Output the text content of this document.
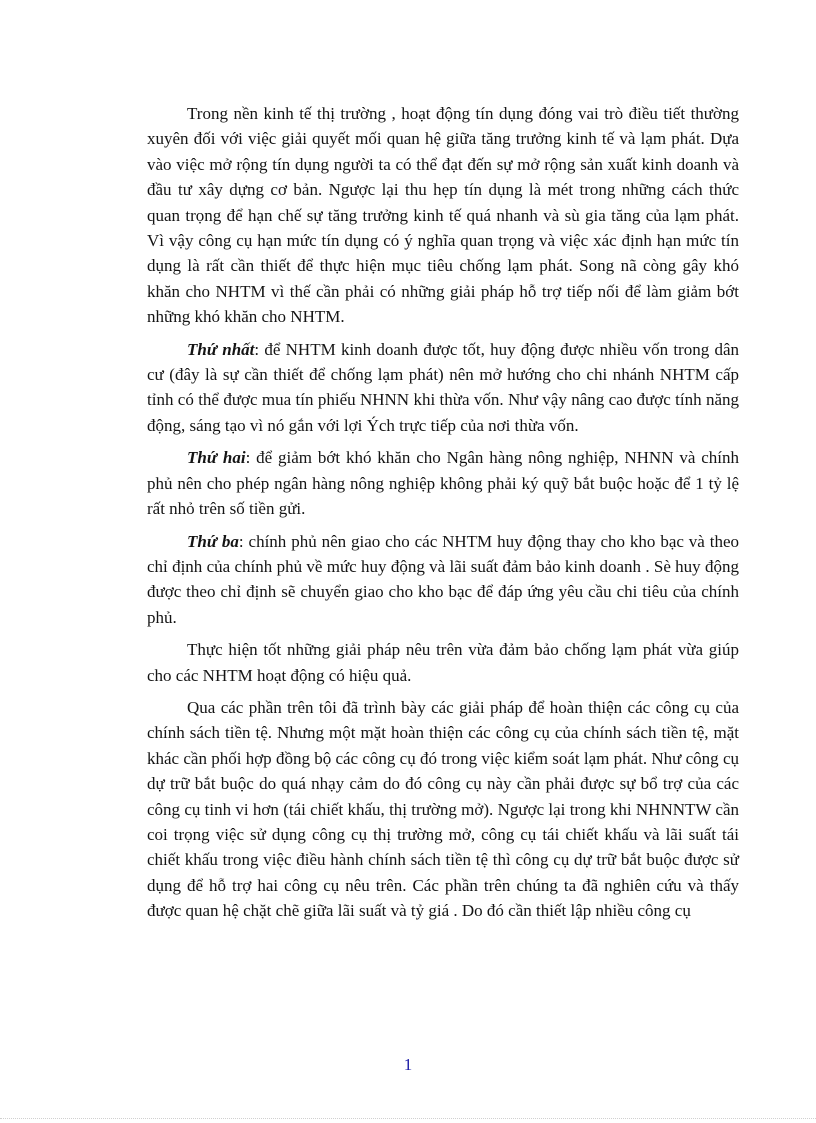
Trong nền kinh tế thị trường , hoạt động tín dụng đóng vai trò điều tiết thường xuyên đối với việc giải quyết mối quan hệ giữa tăng trưởng kinh tế và lạm phát. Dựa vào việc mở rộng tín dụng người ta có thể đạt đến sự mở rộng sản xuất kinh doanh và đầu tư xây dựng cơ bản. Ngược lại thu hẹp tín dụng là mét trong những cách thức quan trọng để hạn chế sự tăng trưởng kinh tế quá nhanh và sù gia tăng của lạm phát. Vì vậy công cụ hạn mức tín dụng có ý nghĩa quan trọng và việc xác định hạn mức tín dụng là rất cần thiết để thực hiện mục tiêu chống lạm phát. Song nã còng gây khó khăn cho NHTM vì thế cần phải có những giải pháp hỗ trợ tiếp nối để làm giảm bớt những khó khăn cho NHTM.

Thứ nhất: để NHTM kinh doanh được tốt, huy động được nhiều vốn trong dân cư (đây là sự cần thiết để chống lạm phát) nên mở hướng cho chi nhánh NHTM cấp tỉnh có thể được mua tín phiếu NHNN khi thừa vốn. Như vậy nâng cao được tính năng động, sáng tạo vì nó gắn với lợi Ých trực tiếp của nơi thừa vốn.

Thứ hai: để giảm bớt khó khăn cho Ngân hàng nông nghiệp, NHNN và chính phủ nên cho phép ngân hàng nông nghiệp không phải ký quỹ bắt buộc hoặc để 1 tỷ lệ rất nhỏ trên số tiền gửi.

Thứ ba: chính phủ nên giao cho các NHTM huy động thay cho kho bạc và theo chỉ định của chính phủ về mức huy động và lãi suất đảm bảo kinh doanh . Sè huy động được theo chỉ định sẽ chuyển giao cho kho bạc để đáp ứng yêu cầu chi tiêu của chính phủ.

Thực hiện tốt những giải pháp nêu trên vừa đảm bảo chống lạm phát vừa giúp cho các NHTM hoạt động có hiệu quả.

Qua các phần trên tôi đã trình bày các giải pháp để hoàn thiện các công cụ của chính sách tiền tệ. Nhưng một mặt hoàn thiện các công cụ của chính sách tiền tệ, mặt khác cần phối hợp đồng bộ các công cụ đó trong việc kiểm soát lạm phát. Như công cụ dự trữ bắt buộc do quá nhạy cảm do đó công cụ này cần phải được sự bổ trợ của các công cụ tinh vi hơn (tái chiết khấu, thị trường mở). Ngược lại trong khi NHNNTW cần coi trọng việc sử dụng công cụ thị trường mở, công cụ tái chiết khấu và lãi suất tái chiết khấu trong việc điều hành chính sách tiền tệ thì công cụ dự trữ bắt buộc được sử dụng để hỗ trợ hai công cụ nêu trên. Các phần trên chúng ta đã nghiên cứu và thấy được quan hệ chặt chẽ giữa lãi suất và tỷ giá . Do đó cần thiết lập nhiều công cụ

1
